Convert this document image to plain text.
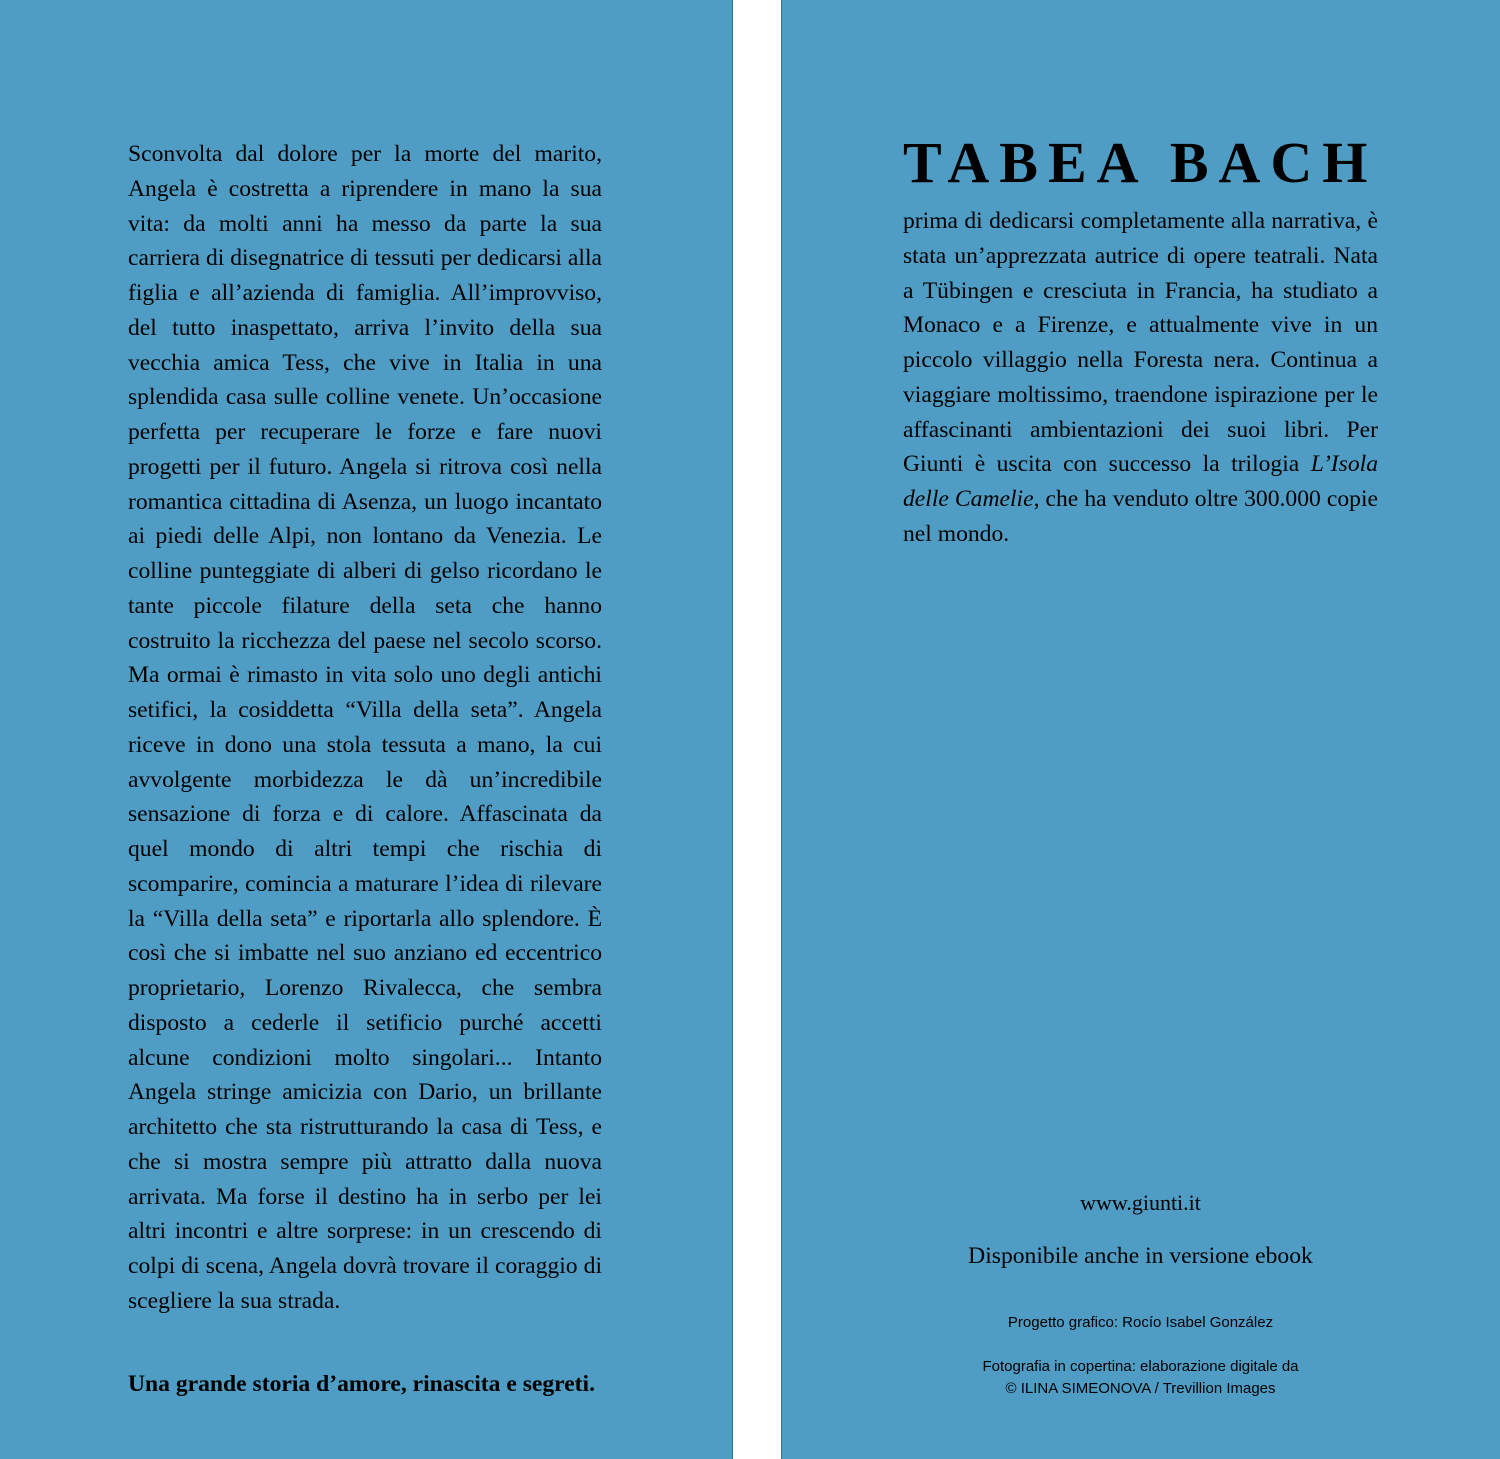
Sconvolta dal dolore per la morte del marito, Angela è costretta a riprendere in mano la sua vita: da molti anni ha messo da parte la sua carriera di disegnatrice di tessuti per dedicarsi alla figlia e all’azienda di famiglia. All’improvviso, del tutto inaspettato, arriva l’invito della sua vecchia amica Tess, che vive in Italia in una splendida casa sulle colline venete. Un’occasione perfetta per recuperare le forze e fare nuovi progetti per il futuro. Angela si ritrova così nella romantica cittadina di Asenza, un luogo incantato ai piedi delle Alpi, non lontano da Venezia. Le colline punteggiate di alberi di gelso ricordano le tante piccole filature della seta che hanno costruito la ricchezza del paese nel secolo scorso. Ma ormai è rimasto in vita solo uno degli antichi setifici, la cosiddetta “Villa della seta”. Angela riceve in dono una stola tessuta a mano, la cui avvolgente morbidezza le dà un’incredibile sensazione di forza e di calore. Affascinata da quel mondo di altri tempi che rischia di scomparire, comincia a maturare l’idea di rilevare la “Villa della seta” e riportarla allo splendore. È così che si imbatte nel suo anziano ed eccentrico proprietario, Lorenzo Rivalecca, che sembra disposto a cederle il setificio purché accetti alcune condizioni molto singolari... Intanto Angela stringe amicizia con Dario, un brillante architetto che sta ristrutturando la casa di Tess, e che si mostra sempre più attratto dalla nuova arrivata. Ma forse il destino ha in serbo per lei altri incontri e altre sorprese: in un crescendo di colpi di scena, Angela dovrà trovare il coraggio di scegliere la sua strada.

Una grande storia d’amore, rinascita e segreti.

TABEA BACH

prima di dedicarsi completamente alla narrativa, è stata un’apprezzata autrice di opere teatrali. Nata a Tübingen e cresciuta in Francia, ha studiato a Monaco e a Firenze, e attualmente vive in un piccolo villaggio nella Foresta nera. Continua a viaggiare moltissimo, traendone ispirazione per le affascinanti ambientazioni dei suoi libri. Per Giunti è uscita con successo la trilogia L’Isola delle Camelie, che ha venduto oltre 300.000 copie nel mondo.

www.giunti.it

Disponibile anche in versione ebook

Progetto grafico: Rocío Isabel González

Fotografia in copertina: elaborazione digitale da
© ILINA SIMEONOVA / Trevillion Images
